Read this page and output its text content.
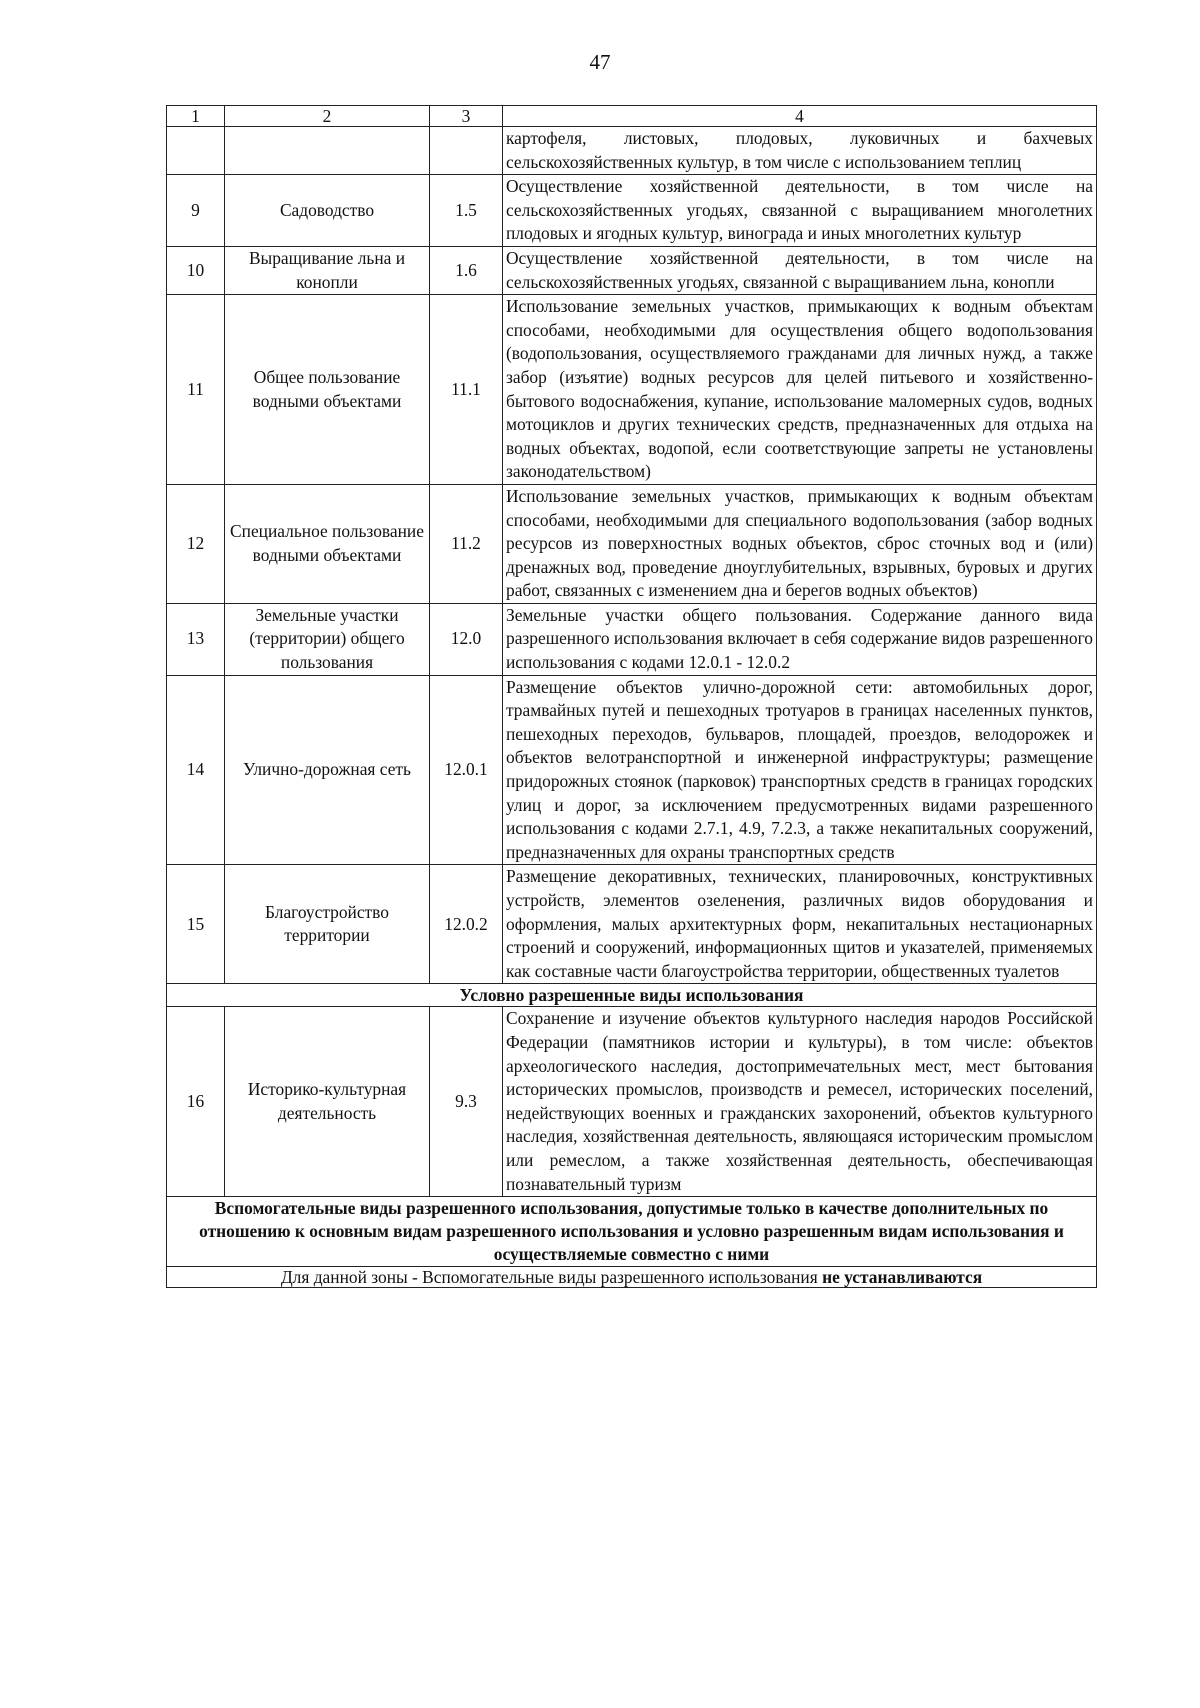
47
1	2	3	4
			картофеля, листовых, плодовых, луковичных и бахчевых сельскохозяйственных культур, в том числе с использованием теплиц
9	Садоводство	1.5	Осуществление хозяйственной деятельности, в том числе на сельскохозяйственных угодьях, связанной с выращиванием многолетних плодовых и ягодных культур, винограда и иных многолетних культур
10	Выращивание льна и конопли	1.6	Осуществление хозяйственной деятельности, в том числе на сельскохозяйственных угодьях, связанной с выращиванием льна, конопли
11	Общее пользование водными объектами	11.1	Использование земельных участков, примыкающих к водным объектам способами, необходимыми для осуществления общего водопользования (водопользования, осуществляемого гражданами для личных нужд, а также забор (изъятие) водных ресурсов для целей питьевого и хозяйственно-бытового водоснабжения, купание, использование маломерных судов, водных мотоциклов и других технических средств, предназначенных для отдыха на водных объектах, водопой, если соответствующие запреты не установлены законодательством)
12	Специальное пользование водными объектами	11.2	Использование земельных участков, примыкающих к водным объектам способами, необходимыми для специального водопользования (забор водных ресурсов из поверхностных водных объектов, сброс сточных вод и (или) дренажных вод, проведение дноуглубительных, взрывных, буровых и других работ, связанных с изменением дна и берегов водных объектов)
13	Земельные участки (территории) общего пользования	12.0	Земельные участки общего пользования. Содержание данного вида разрешенного использования включает в себя содержание видов разрешенного использования с кодами 12.0.1 - 12.0.2
14	Улично-дорожная сеть	12.0.1	Размещение объектов улично-дорожной сети: автомобильных дорог, трамвайных путей и пешеходных тротуаров в границах населенных пунктов, пешеходных переходов, бульваров, площадей, проездов, велодорожек и объектов велотранспортной и инженерной инфраструктуры; размещение придорожных стоянок (парковок) транспортных средств в границах городских улиц и дорог, за исключением предусмотренных видами разрешенного использования с кодами 2.7.1, 4.9, 7.2.3, а также некапитальных сооружений, предназначенных для охраны транспортных средств
15	Благоустройство территории	12.0.2	Размещение декоративных, технических, планировочных, конструктивных устройств, элементов озеленения, различных видов оборудования и оформления, малых архитектурных форм, некапитальных нестационарных строений и сооружений, информационных щитов и указателей, применяемых как составные части благоустройства территории, общественных туалетов
Условно разрешенные виды использования			
16	Историко-культурная деятельность	9.3	Сохранение и изучение объектов культурного наследия народов Российской Федерации (памятников истории и культуры), в том числе: объектов археологического наследия, достопримечательных мест, мест бытования исторических промыслов, производств и ремесел, исторических поселений, недействующих военных и гражданских захоронений, объектов культурного наследия, хозяйственная деятельность, являющаяся историческим промыслом или ремеслом, а также хозяйственная деятельность, обеспечивающая познавательный туризм
Вспомогательные виды разрешенного использования, допустимые только в качестве дополнительных по отношению к основным видам разрешенного использования и условно разрешенным видам использования и осуществляемые совместно с ними			
Для данной зоны - Вспомогательные виды разрешенного использования не устанавливаются			
